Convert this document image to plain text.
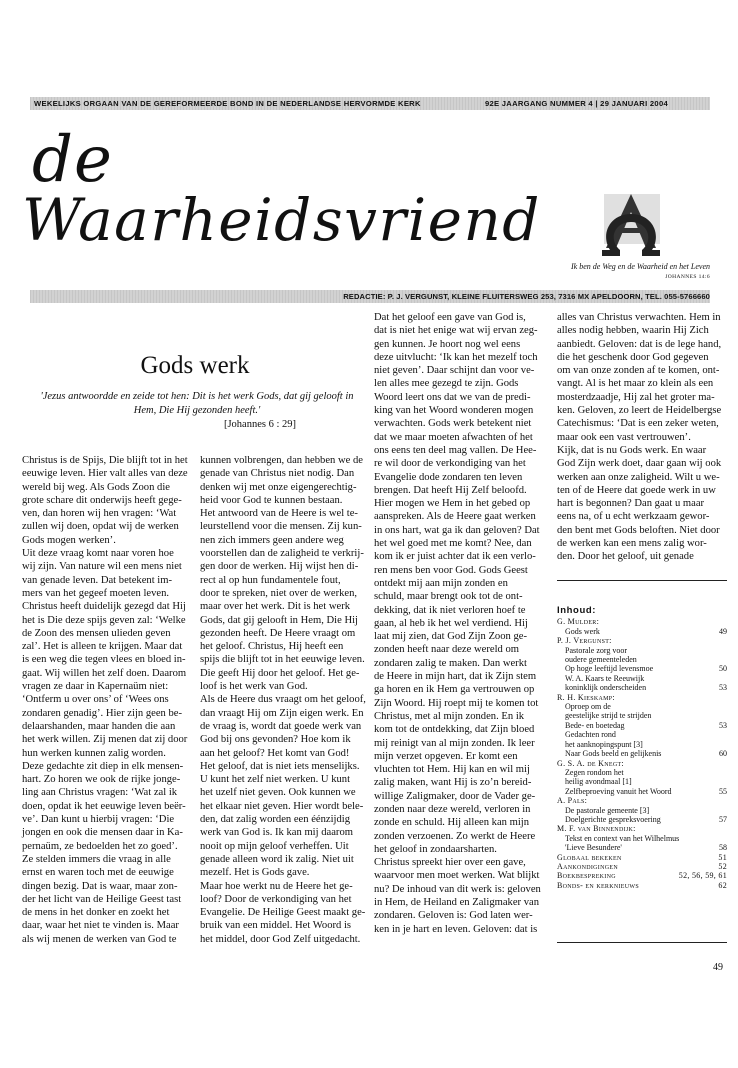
WEKELIJKS ORGAAN VAN DE GEREFORMEERDE BOND IN DE NEDERLANDSE HERVORMDE KERK	92E JAARGANG NUMMER 4 | 29 JANUARI 2004
de
Waarheidsvriend
Ik ben de Weg en de Waarheid en het Leven
JOHANNES 14:6
REDACTIE: P. J. VERGUNST, KLEINE FLUITERSWEG 253, 7316 MX APELDOORN, TEL. 055-5766660
Gods werk
'Jezus antwoordde en zeide tot hen: Dit is het werk Gods, dat gij gelooft in Hem, Die Hij gezonden heeft.'
[Johannes 6 : 29]
Christus is de Spijs, Die blijft tot in het
eeuwige leven. Hier valt alles van deze
wereld bij weg. Als Gods Zoon die
grote schare dit onderwijs heeft gege-
ven, dan horen wij hen vragen: ‘Wat
zullen wij doen, opdat wij de werken
Gods mogen werken’.
Uit deze vraag komt naar voren hoe
wij zijn. Van nature wil een mens niet
van genade leven. Dat betekent im-
mers van het gegeef moeten leven.
Christus heeft duidelijk gezegd dat Hij
het is Die deze spijs geven zal: ‘Welke
de Zoon des mensen ulieden geven
zal’. Het is alleen te krijgen. Maar dat
is een weg die tegen vlees en bloed in-
gaat. Wij willen het zelf doen. Daarom
vragen ze daar in Kapernaüm niet:
‘Ontferm u over ons’ of ‘Wees ons
zondaren genadig’. Hier zijn geen be-
delaarshanden, maar handen die aan
het werk willen. Zij menen dat zij door
hun werken kunnen zalig worden.
Deze gedachte zit diep in elk mensen-
hart. Zo horen we ook de rijke jonge-
ling aan Christus vragen: ‘Wat zal ik
doen, opdat ik het eeuwige leven beër-
ve’. Dan kunt u hierbij vragen: ‘Die
jongen en ook die mensen daar in Ka-
pernaüm, ze bedoelden het zo goed’.
Ze stelden immers die vraag in alle
ernst en waren toch met de eeuwige
dingen bezig. Dat is waar, maar zon-
der het licht van de Heilige Geest tast
de mens in het donker en zoekt het
daar, waar het niet te vinden is. Maar
als wij menen de werken van God te
kunnen volbrengen, dan hebben we de
genade van Christus niet nodig. Dan
denken wij met onze eigengerechtig-
heid voor God te kunnen bestaan.
Het antwoord van de Heere is wel te-
leurstellend voor die mensen. Zij kun-
nen zich immers geen andere weg
voorstellen dan de zaligheid te verkrij-
gen door de werken. Hij wijst hen di-
rect al op hun fundamentele fout,
door te spreken, niet over de werken,
maar over het werk. Dit is het werk
Gods, dat gij gelooft in Hem, Die Hij
gezonden heeft. De Heere vraagt om
het geloof. Christus, Hij heeft een
spijs die blijft tot in het eeuwige leven.
Die geeft Hij door het geloof. Het ge-
loof is het werk van God.
Als de Heere dus vraagt om het geloof,
dan vraagt Hij om Zijn eigen werk. En
de vraag is, wordt dat goede werk van
God bij ons gevonden? Hoe kom ik
aan het geloof? Het komt van God!
Het geloof, dat is niet iets menselijks.
U kunt het zelf niet werken. U kunt
het uzelf niet geven. Ook kunnen we
het elkaar niet geven. Hier wordt belе-
den, dat zalig worden een éénzijdig
werk van God is. Ik kan mij daarom
nooit op mijn geloof verheffen. Uit
genade alleen word ik zalig. Niet uit
mezelf. Het is Gods gave.
Maar hoe werkt nu de Heere het ge-
loof? Door de verkondiging van het
Evangelie. De Heilige Geest maakt ge-
bruik van een middel. Het Woord is
het middel, door God Zelf uitgedacht.
Dat het geloof een gave van God is,
dat is niet het enige wat wij ervan zeg-
gen kunnen. Je hoort nog wel eens
deze uitvlucht: ‘Ik kan het mezelf toch
niet geven’. Daar schijnt dan voor ve-
len alles mee gezegd te zijn. Gods
Woord leert ons dat we van de predi-
king van het Woord wonderen mogen
verwachten. Gods werk betekent niet
dat we maar moeten afwachten of het
ons eens ten deel mag vallen. De Hee-
re wil door de verkondiging van het
Evangelie dode zondaren ten leven
brengen. Dat heeft Hij Zelf beloofd.
Hier mogen we Hem in het gebed op
aanspreken. Als de Heere gaat werken
in ons hart, wat ga ik dan geloven? Dat
het wel goed met me komt? Nee, dan
kom ik er juist achter dat ik een verlo-
ren mens ben voor God. Gods Geest
ontdekt mij aan mijn zonden en
schuld, maar brengt ook tot de ont-
dekking, dat ik niet verloren hoef te
gaan, al heb ik het wel verdiend. Hij
laat mij zien, dat God Zijn Zoon ge-
zonden heeft naar deze wereld om
zondaren zalig te maken. Dan werkt
de Heere in mijn hart, dat ik Zijn stem
ga horen en ik Hem ga vertrouwen op
Zijn Woord. Hij roept mij te komen tot
Christus, met al mijn zonden. En ik
kom tot de ontdekking, dat Zijn bloed
mij reinigt van al mijn zonden. Ik leer
mijn verzet opgeven. Er komt een
vluchten tot Hem. Hij kan en wil mij
zalig maken, want Hij is zo’n bereid-
willige Zaligmaker, door de Vader ge-
zonden naar deze wereld, verloren in
zonde en schuld. Hij alleen kan mijn
zonden verzoenen. Zo werkt de Heere
het geloof in zondaarsharten.
Christus spreekt hier over een gave,
waarvoor men moet werken. Wat blijkt
nu? De inhoud van dit werk is: geloven
in Hem, de Heiland en Zaligmaker van
zondaren. Geloven is: God laten wer-
ken in je hart en leven. Geloven: dat is
alles van Christus verwachten. Hem in
alles nodig hebben, waarin Hij Zich
aanbiedt. Geloven: dat is de lege hand,
die het geschenk door God gegeven
om van onze zonden af te komen, ont-
vangt. Al is het maar zo klein als een
mosterdzaadje, Hij zal het groter ma-
ken. Geloven, zo leert de Heidelbergse
Catechismus: ‘Dat is een zeker weten,
maar ook een vast vertrouwen’.
Kijk, dat is nu Gods werk. En waar
God Zijn werk doet, daar gaan wij ook
werken aan onze zaligheid. Wilt u we-
ten of de Heere dat goede werk in uw
hart is begonnen? Dan gaat u maar
eens na, of u echt werkzaam gewor-
den bent met Gods beloften. Niet door
de werken kan een mens zalig wor-
den. Door het geloof, uit genade
Inhoud:
G. Mulder:
Gods werk	49
P. J. Vergunst:
Pastorale zorg voor
oudere gemeenteleden
Op hoge leeftijd levensmoe	50
W. A. Kaars te Reeuwijk
koninklijk onderscheiden	53
R. H. Kieskamp:
Oproep om de
geestelijke strijd te strijden
Bede- en boetedag	53
Gedachten rond
het aanknopingspunt [3]
Naar Gods beeld en gelijkenis	60
G. S. A. de Knegt:
Zegen rondom het
heilig avondmaal [1]
Zelfbeproeving vanuit het Woord	55
A. Pals:
De pastorale gemeente [3]
Doelgerichte gespreksvoering	57
M. F. van Binnendijk:
Tekst en context van het Wilhelmus
'Lieve Besundere'	58
Globaal bekeken	51
Aankondigingen	52
Boekbespreking	52, 56, 59, 61
Bonds- en kerknieuws	62
49
